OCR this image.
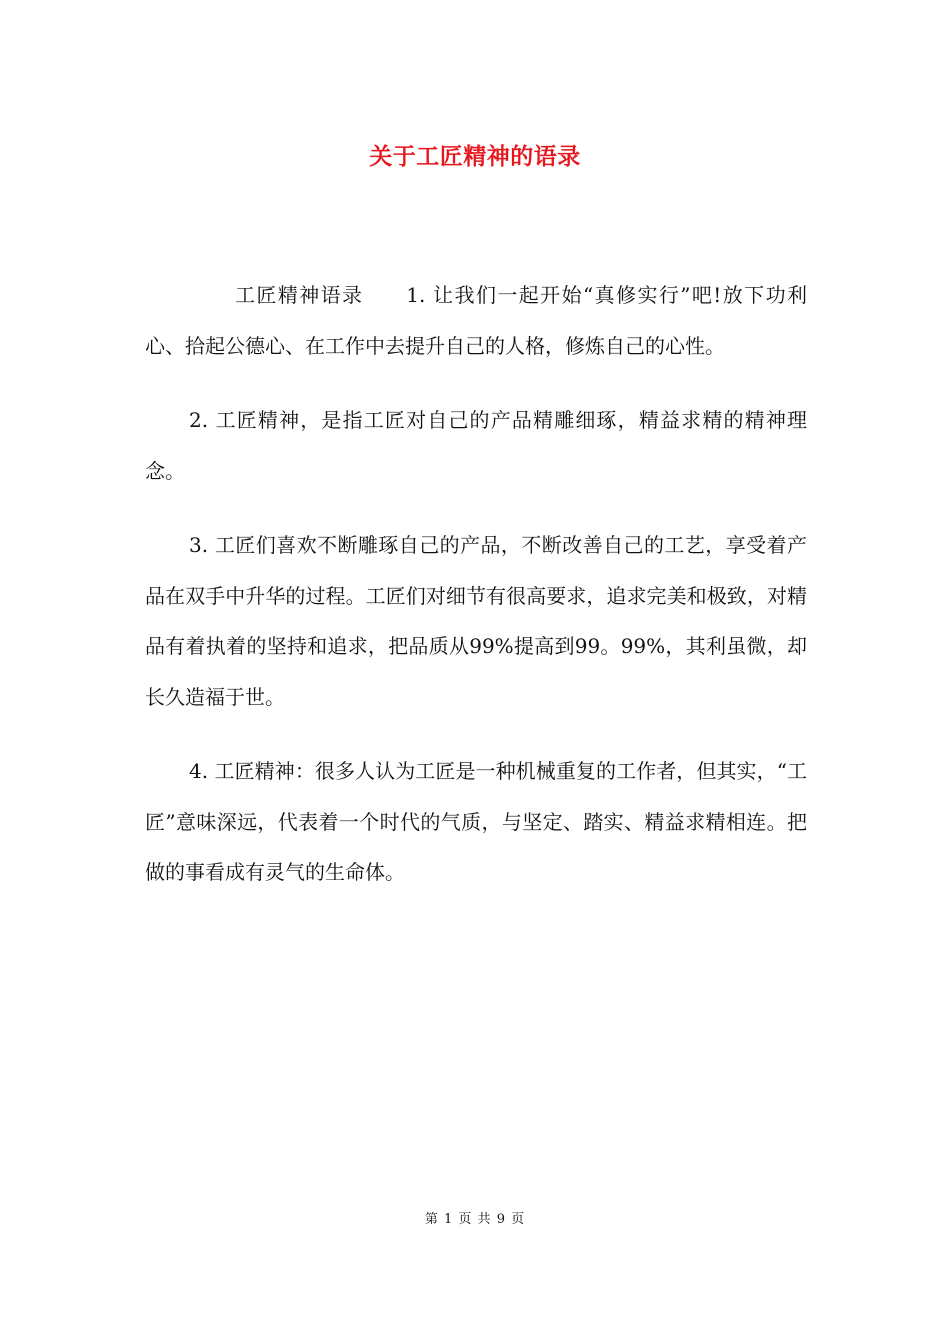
关于工匠精神的语录

工匠精神语录　　1. 让我们一起开始“真修实行”吧!放下功利心、拾起公德心、在工作中去提升自己的人格，修炼自己的心性。

2. 工匠精神，是指工匠对自己的产品精雕细琢，精益求精的精神理念。

3. 工匠们喜欢不断雕琢自己的产品，不断改善自己的工艺，享受着产品在双手中升华的过程。工匠们对细节有很高要求，追求完美和极致，对精品有着执着的坚持和追求，把品质从99%提高到99。99%，其利虽微，却长久造福于世。

4. 工匠精神：很多人认为工匠是一种机械重复的工作者，但其实，“工匠”意味深远，代表着一个时代的气质，与坚定、踏实、精益求精相连。把做的事看成有灵气的生命体。

第 1 页 共 9 页
